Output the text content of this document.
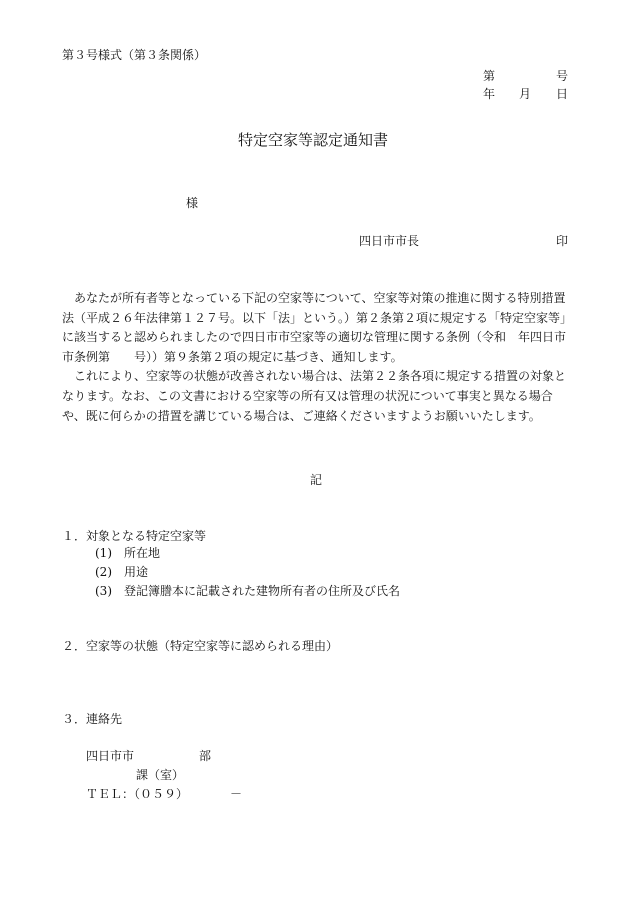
第３号様式（第３条関係）
第	号
年 月 日
特定空家等認定通知書
様
四日市市長	印

あなたが所有者等となっている下記の空家等について、空家等対策の推進に関する特別措置法（平成２６年法律第１２７号。以下「法」という。）第２条第２項に規定する「特定空家等」に該当すると認められましたので四日市市空家等の適切な管理に関する条例（令和　年四日市市条例第　　号））第９条第２項の規定に基づき、通知します。

これにより、空家等の状態が改善されない場合は、法第２２条各項に規定する措置の対象となります。なお、この文書における空家等の所有又は管理の状況について事実と異なる場合や、既に何らかの措置を講じている場合は、ご連絡くださいますようお願いいたします。

記
１．対象となる特定空家等
(1)　所在地
(2)　用途
(3)　登記簿謄本に記載された建物所有者の住所及び氏名
２．空家等の状態（特定空家等に認められる理由）
３．連絡先
四日市市	部
課（室）
ＴＥＬ：（０５９）	－
